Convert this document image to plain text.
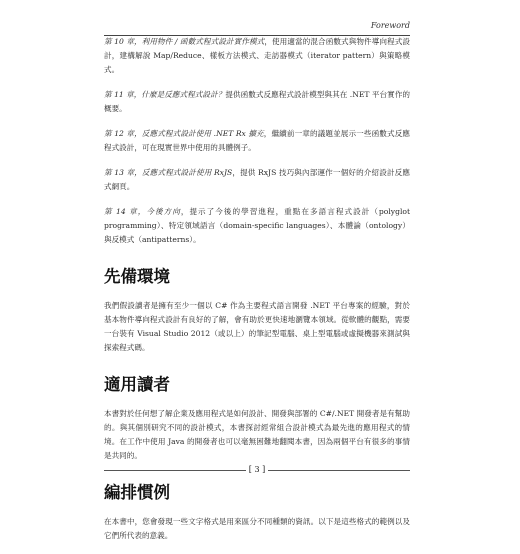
Foreword

第 10 章，利用物件 / 函數式程式設計實作模式，使用適當的混合函數式與物件導向程式設計，建構解說 Map/Reduce、樣板方法模式、走訪器模式（iterator pattern）與策略模式。

第 11 章，什麼是反應式程式設計？提供函數式反應程式設計模型與其在 .NET 平台實作的概要。

第 12 章，反應式程式設計使用 .NET Rx 擴充，繼續前一章的議題並展示一些函數式反應程式設計，可在現實世界中使用的具體例子。

第 13 章，反應式程式設計使用 RxJS，提供 RxJS 技巧與內部運作一個好的介紹設計反應式網頁。

第 14 章，今後方向，提示了今後的學習進程，重點在多語言程式設計（polyglot programming）、特定領域語言（domain-specific languages）、本體論（ontology）與反模式（antipatterns）。

先備環境

我們假設讀者是擁有至少一個以 C# 作為主要程式語言開發 .NET 平台專案的經驗，對於基本物件導向程式設計有良好的了解，會有助於更快速地瀏覽本領域。從軟體的觀點，需要一台裝有 Visual Studio 2012（或以上）的筆記型電腦、桌上型電腦或虛擬機器來測試與探索程式碼。

適用讀者

本書對於任何想了解企業及應用程式是如何設計、開發與部署的 C#/.NET 開發者是有幫助的。與其個別研究不同的設計模式，本書探討經常組合設計模式為最先進的應用程式的情境。在工作中使用 Java 的開發者也可以毫無困難地翻閱本書，因為兩個平台有很多的事情是共同的。

編排慣例

在本書中，您會發現一些文字格式是用來區分不同種類的資訊。以下是這些格式的範例以及它們所代表的意義。

[ 3 ]
